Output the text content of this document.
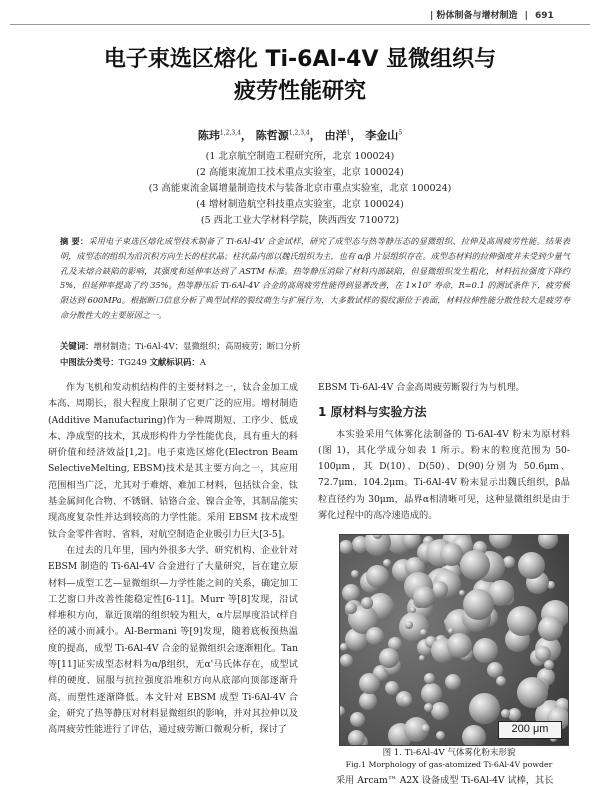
| 粉体制备与增材制造 | 691
电子束选区熔化 Ti-6Al-4V 显微组织与
疲劳性能研究
陈玮$^{1,2,3,4}$， 陈哲源$^{1,2,3,4}$， 由洋$^1$， 李金山$^5$
(1 北京航空制造工程研究所，北京 100024)
(2 高能束流加工技术重点实验室，北京 100024)
(3 高能束流金属增量制造技术与装备北京市重点实验室，北京 100024)
(4 增材制造航空科技重点实验室，北京 100024)
(5 西北工业大学材料学院，陕西西安 710072)
摘 要：采用电子束选区熔化成型技术制备了 Ti-6Al-4V 合金试样，研究了成型态与热等静压态的显微组织、拉伸及高周疲劳性能。结果表明，成型态的组织为沿沉积方向生长的柱状晶；柱状晶内部以魏氏组织为主，也有 α/β 片层组织存在。成型态材料的拉伸强度并未受到少量气孔及未熔合缺陷的影响，其强度和延伸率达到了 ASTM 标准。热等静压消除了材料内部缺陷，但显微组织发生粗化，材料抗拉强度下降约 5%，但延伸率提高了约 35%。热等静压后 Ti-6Al-4V 合金的高周疲劳性能得到显著改善，在 1×10⁷ 寿命，R=0.1 的测试条件下，疲劳极限达到 600MPa。根据断口信息分析了典型试样的裂纹萌生与扩展行为，大多数试样的裂纹源位于表面，材料拉伸性能分散性较大是疲劳寿命分散性大的主要原因之一。
关键词：增材制造；Ti-6Al-4V；显微组织；高周疲劳；断口分析
中图法分类号：TG249 文献标识码：A

作为飞机和发动机结构件的主要材料之一，钛合金加工成本高、周期长，很大程度上限制了它更广泛的应用。增材制造(Additive Manufacturing)作为一种周期短、工序少、低成本、净成型的技术，其成形构件力学性能优良，具有重大的科研价值和经济效益[1,2]。电子束选区熔化(Electron Beam SelectiveMelting, EBSM)技术是其主要方向之一，其应用范围相当广泛，尤其对于难熔、难加工材料，包括钛合金、钛基金属间化合物、不锈钢、钴铬合金、镍合金等，其制品能实现高度复杂性并达到较高的力学性能。采用 EBSM 技术成型钛合金零件省时、省料，对航空制造企业吸引力巨大[3-5]。

在过去的几年里，国内外很多大学、研究机构、企业针对 EBSM 制造的 Ti-6Al-4V 合金进行了大量研究，旨在建立原材料—成型工艺—显微组织—力学性能之间的关系，确定加工工艺窗口并改善性能稳定性[6-11]。Murr 等[8]发现，沿试样堆积方向，靠近顶端的组织较为粗大，α片层厚度沿试样自径的减小而减小。Al-Bermani 等[9]发现，随着底板预热温度的提高，成型 Ti-6Al-4V 合金的显微组织会逐渐粗化。Tan 等[11]证实成型态材料为α/β组织，无α'马氏体存在，成型试样的硬度、屈服与抗拉强度沿堆积方向从底部向顶部逐渐升高，而塑性逐渐降低。本文针对 EBSM 成型 Ti-6Al-4V 合金，研究了热等静压对材料显微组织的影响，并对其拉伸以及高周疲劳性能进行了评估，通过疲劳断口微观分析，探讨了

EBSM Ti-6Al-4V 合金高周疲劳断裂行为与机理。

1 原材料与实验方法

本实验采用气体雾化法制备的 Ti-6Al-4V 粉末为原材料(图 1)，其化学成分如表 1 所示。粉末的粒度范围为 50-100μm，其 D(10)、D(50)、D(90)分别为 50.6μm、72.7μm、104.2μm。Ti-6Al-4V 粉末显示出魏氏组织，β晶粒直径约为 30μm，晶界α相清晰可见，这种显微组织是由于雾化过程中的高冷速造成的。

200 μm
图 1. Ti-6Al-4V 气体雾化粉末形貌
Fig.1 Morphology of gas-atomized Ti-6Al-4V powder
采用 Arcam™ A2X 设备成型 Ti-6Al-4V 试棒，其长
